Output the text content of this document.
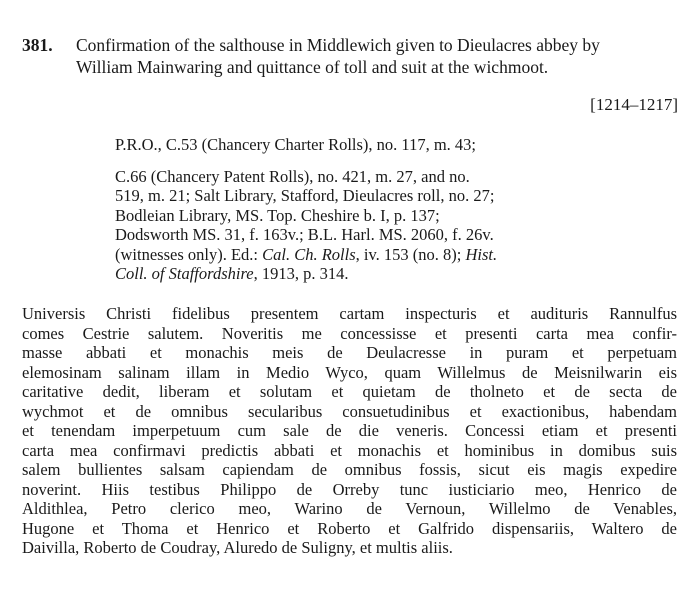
381. Confirmation of the salthouse in Middlewich given to Dieulacres abbey by
William Mainwaring and quittance of toll and suit at the wichmoot.
[1214–1217]
P.R.O., C.53 (Chancery Charter Rolls), no. 117, m. 43;
C.66 (Chancery Patent Rolls), no. 421, m. 27, and no.
519, m. 21; Salt Library, Stafford, Dieulacres roll, no. 27;
Bodleian Library, MS. Top. Cheshire b. I, p. 137;
Dodsworth MS. 31, f. 163v.; B.L. Harl. MS. 2060, f. 26v.
(witnesses only). Ed.: Cal. Ch. Rolls, iv. 153 (no. 8); Hist.
Coll. of Staffordshire, 1913, p. 314.
Universis Christi fidelibus presentem cartam inspecturis et audituris Rannulfus
comes Cestrie salutem. Noveritis me concessisse et presenti carta mea confir-
masse abbati et monachis meis de Deulacresse in puram et perpetuam
elemosinam salinam illam in Medio Wyco, quam Willelmus de Meisnilwarin eis
caritative dedit, liberam et solutam et quietam de tholneto et de secta de
wychmot et de omnibus secularibus consuetudinibus et exactionibus, habendam
et tenendam imperpetuum cum sale de die veneris. Concessi etiam et presenti
carta mea confirmavi predictis abbati et monachis et hominibus in domibus suis
salem bullientes salsam capiendam de omnibus fossis, sicut eis magis expedire
noverint. Hiis testibus Philippo de Orreby tunc iusticiario meo, Henrico de
Aldithlea, Petro clerico meo, Warino de Vernoun, Willelmo de Venables,
Hugone et Thoma et Henrico et Roberto et Galfrido dispensariis, Waltero de
Daivilla, Roberto de Coudray, Aluredo de Suligny, et multis aliis.
